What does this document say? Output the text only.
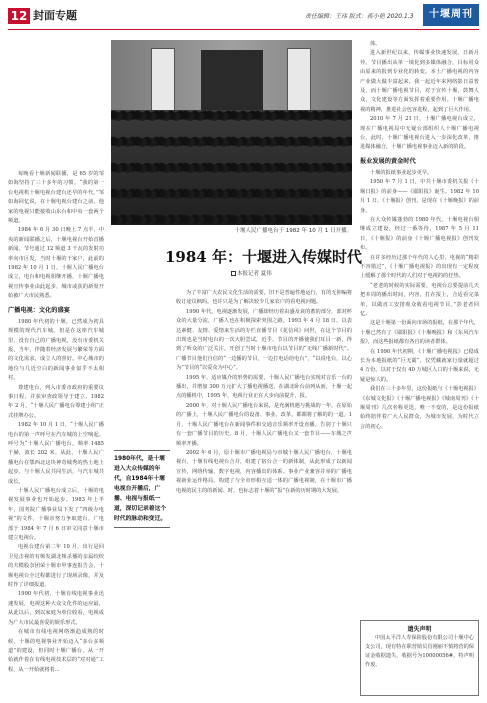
12 封面专题	责任编辑：王玮 版式：蒋小艳 2020.1.3	十堰周刊
十堰人民广播电台于 1982 年 10 月 1 日开播。
1984 年：十堰进入传媒时代
本报记者 夏伟

每晚看十堰新闻联播，是 65 岁的邹如海坚持了三十多年的习惯。“我的第一台电视机十堰电视台建台还早的年代，”邹如海回忆说，在十堰电视台建台之前，他家的电视只能接收山东台和中央一套两个频道。

1984 年 6 月 30 日晚上 7 点半，中央的新闻联播之后，十堰电视台开始首播新闻。节号通过 12 频道 3 千瓦的发射功率向市区发，当时十堰的干家户，此前的 1982 年 10 月 1 日，十堰人民广播电台成立，电台和电视相继开播，十堰广播电视宣传事业由此起步，城市或获的新渠开始被广大市民熟悉。

广播电视：文化的盛宴

1980 年代初的十堰，已然成为初具规模的现代汽车城。但是在这座汽车城里，没有自己的广播电视，没有市委机关报，当年，伴随着经济发展与繁荣等方面的文化需求，成立人的喜好。中心城市的地位与几近空白的新闻事业似乎不太相衬。

尊建电台，列入市委市政府的重要议事日程，并获审查政领导于建立。1982 年 2 月，“十堰人民广播电台筹建小组”正式挂牌办公。

1982 年 10 月 1 日，“十堰人民广播电台的第一声呼号在汽车城的上空响起。呼号为“十堰人民广播电台，频率 1485 千赫，波长 202 米。从此，十堰人民广播电台在鄂西北这块神奇城秀的热土地上起步。与十堰人民共同生活，与汽车城共成长。

十堰人民广播电台成立后，十堰的电视发展事业也开始起步。1983 年上半年，国务院广播事业局下发了“四级办电视”的文件，十堰市努力争取建台。广电部于 1984 年 7 月 6 日审文同意十堰市建立电视台。

电视台建台第二年 10 月，出行是回卫见击视的有频发湖北频杀播的亲属绞绞的夫模股奈团荣十堰市甲事连报告会，十堰电视台全过程都进行了现场录像，并及时作了详细报道。

1990 年代初，十堰有线电视事业迅速发展，电视这种大众文化件的运应最，从此以后，到以家庭为单位收看，电视成为广大市民最喜爱的娱乐形式。

在城市有线电视网络渐趋成熟的时候，十堰的电视事业开始迈入“多台多频道”的建设，但同时十堰广播台，从一开始就作着在有线电视技术层的“对对通”工程，从一开始就将着...

1980年代，是十堰进入大众传媒的年代，自1984年十堰电视台开播后，广播、电视与报纸一道，深切记录着这个时代的脉动和变迁。

为了丰富广大农民文化生活的需要，旧不是普遍性地运行，有的无抑编将收订途议枫吗，也许只是为了解决较少几家农户的看电视问题。

1990 年代，电视逐渐发展，广播却经历着由盛及衰的蓄的部分，部对杯众的大量分流，广播人也在积极探索突围之路。1993 年 4 月 18 日，以表达素健、友情、爱情来生活的专栏直播节目《花信风》问世，在这个节目的出现也是当时电台的一次大胆尝试，近乎，节目的开播使我们耳目一新，得到了听众的广泛关注，开创了当时十堰市电台以节目的“无线广播新时代”。广播节目他们自信的“一边播的节目，一边打电话给电台”，“以说电台，以心为”节目的“以爱众为中心”。

1995 年，适应媒介的形势的需要，十堰人民广播电台实现对音乐一台的播出，并增加 300 万元扩大了播电视播送，在湖北卧台前列从而，十堰一起点的播机中，1995 年，电视行业正在大步向前提升，报。

2000 年，对十堰人民广播电台来说，是充满机遇与挑战的一年。在原始的广播上，十堰人民广播电台的设备、事业、改革。都都将了解的的一道。1 月，十堰人民广播电台在新闻事件和交通音乐频率开设直播。告别了十堰只有一套广播节目的历史。8 月，十堰人民广播电台又一套节目——车城之声频率开播。

2002 年 6 月，原十堰市广播电视局与市城十堰人民广播电台，十堰电视台，十堰有线电视台合并，组建了宿台合一的新体制，从此形成了以新闻宣传，网络传输，数字电视，内容播出的体系。事业产业兼容并举的广播电视新业运作格局。构建了与全市形相互适一体的广播电视制，在十堰市广播电视的民主的的新闻、时，也标志着十堰的“报”在新的历时期的大发展。

体。

进入新世纪以来，传媒事业快速发展，日新月异。节目播出从单一填化到多媒体融合，目标用众由原来的报到专业化的转变。本土广播电视的内容产业做大做丰富起来。我一起近年来网络影日益普及，而十堰广播电视节目，对于宣传十堰，鼓舞人众，文化建设等方面发挥着重要作用。十堰广播电视的精神，推进社会包容进程，起到了巨大作用。

2010 年 7 月 21 日，十堰广播电视台成立，现在广播电视局中无疑台部组织人十堰广播电视台，此时，十堰广播电视台进入一步深化改革，推进媒体融合，十堰广播电视事业迈入新的阶段。

报业发展的黄金时代

十堰的报纸事业起步更早。

1950 年 7 月 1 日，中共十堰市委机关报《十堰日报》的前身——《郧阳报》诞生。1982 年 10 月 1 日，《十堰报》创刊，是现在《十堰晚报》的前身。

在大众传媒蓬勃的 1980 年代，十堰电视台相继成立建设，经过一番等待，1987 年 5 月 11 日，《十堰报》的前身《十堰广播电视报》创刊发布。

在许多经历过那个年代的人心里，电视的“精彩不容错过”，《十堰广播电视报》的出现有一定程度上缓解了那个时代的人们对于电视的的狂热。

“老老的时候的实际需要，电视台总要提前几天把本周的播出时间，内容，打在报上，合适看完菜单，以做直工安排观众收看电视节目。”彭老者回忆。

这是十堰第一份面向市场的报纸，在那个年代，十堰已然有了《郧阳报》《十堰晚报》和《东风汽车报》，而这些报纸都有各自的读者群体。

在 1990 年代初期，《十堰广播电视报》已稳成长为本地报纸的“巨无霸”，仅凭藏就家行量就超过 4 万份。以对于仅有 40 万城区人口的十堰来说，无疑是惊人的。

我们在三十多年里，这份报纸与《十堰电视报》《东城文化报》《十堰广播电视报》《城南周刊》《十堰周刊》几次名称更迭，唯一不变的，是这份报纸始终陪伴着广大人民群众，为城市发展，为时代立言的初心。

遗失声明
中国太平洋人寿保险股份有限公司十堰中心支公司，现有特在职营销员肖刚丽不慎将营的保证金收据遗失，收据号为10000056#，特声明作废。
